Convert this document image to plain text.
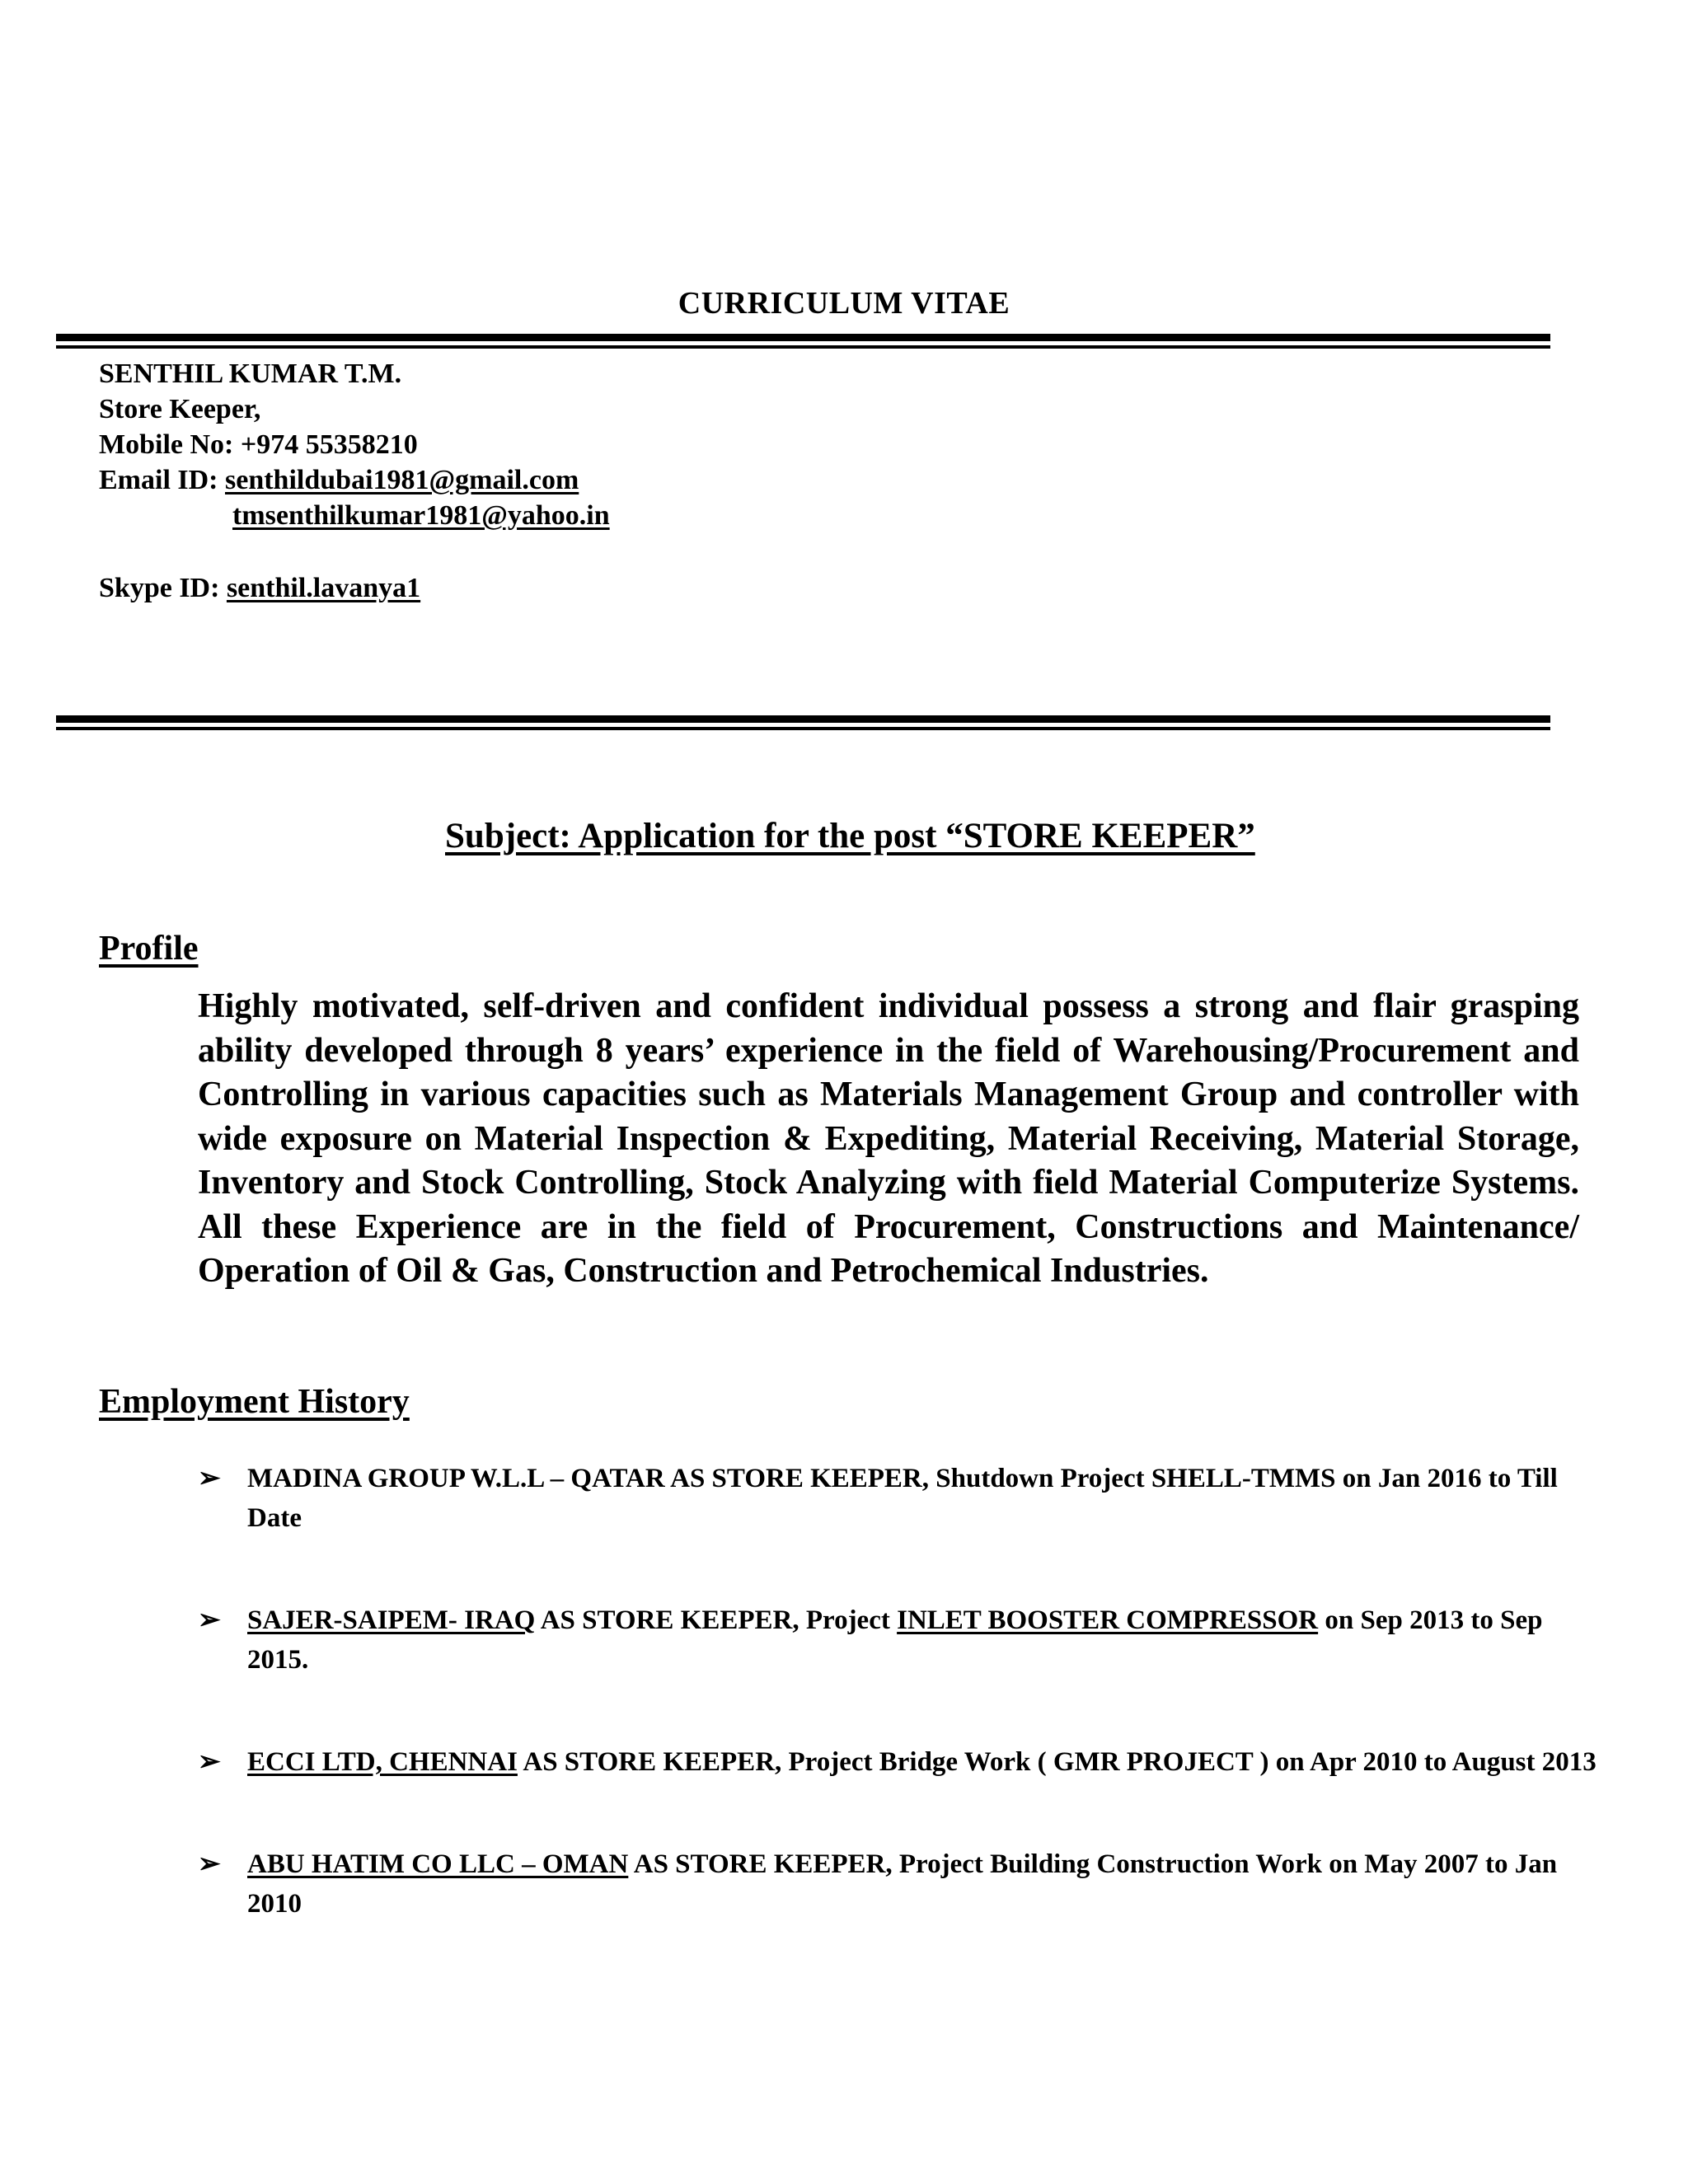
CURRICULUM VITAE
SENTHIL KUMAR T.M.
Store Keeper,
Mobile No: +974 55358210
Email ID: senthildubai1981@gmail.com
tmsenthilkumar1981@yahoo.in
Skype ID: senthil.lavanya1
Subject: Application for the post “STORE KEEPER”
Profile
Highly motivated, self-driven and confident individual possess a strong and flair grasping ability developed through 8 years’ experience in the field of Warehousing/Procurement and Controlling in various capacities such as Materials Management Group and controller with wide exposure on Material Inspection & Expediting, Material Receiving, Material Storage, Inventory and Stock Controlling, Stock Analyzing with field Material Computerize Systems. All these Experience are in the field of Procurement, Constructions and Maintenance/ Operation of Oil & Gas, Construction and Petrochemical Industries.
Employment History
➢ MADINA GROUP W.L.L – QATAR AS STORE KEEPER, Shutdown Project SHELL-TMMS on Jan 2016 to Till Date
➢ SAJER-SAIPEM- IRAQ AS STORE KEEPER, Project INLET BOOSTER COMPRESSOR on Sep 2013 to Sep 2015.
➢ ECCI LTD, CHENNAI AS STORE KEEPER, Project Bridge Work ( GMR PROJECT ) on Apr 2010 to August 2013
➢ ABU HATIM CO LLC – OMAN AS STORE KEEPER, Project Building Construction Work on May 2007 to Jan 2010
